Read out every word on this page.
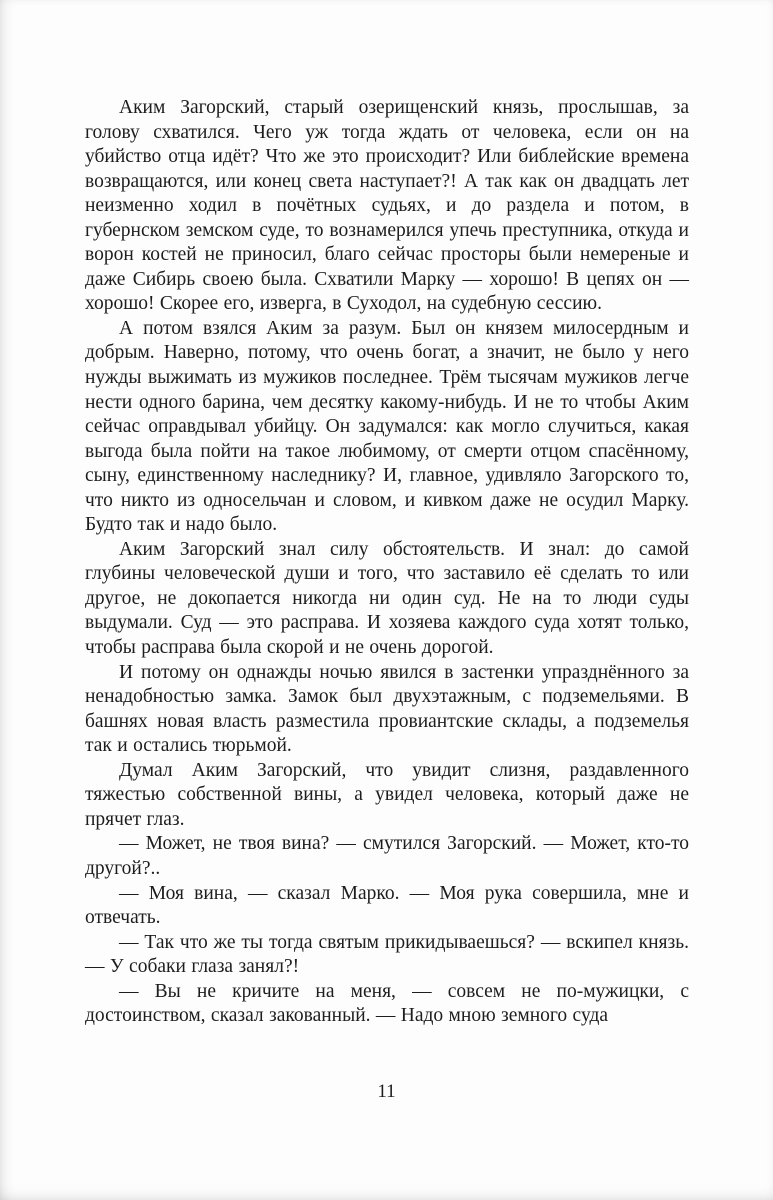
Аким Загорский, старый озерищенский князь, прослышав, за голову схватился. Чего уж тогда ждать от человека, если он на убийство отца идёт? Что же это происходит? Или библейские времена возвращаются, или конец света наступает?! А так как он двадцать лет неизменно ходил в почётных судьях, и до раздела и потом, в губернском земском суде, то вознамерился упечь преступника, откуда и ворон костей не приносил, благо сейчас просторы были немереные и даже Сибирь своею была. Схватили Марку — хорошо! В цепях он — хорошо! Скорее его, изверга, в Суходол, на судебную сессию.

А потом взялся Аким за разум. Был он князем милосердным и добрым. Наверно, потому, что очень богат, а значит, не было у него нужды выжимать из мужиков последнее. Трём тысячам мужиков легче нести одного барина, чем десятку какому-нибудь. И не то чтобы Аким сейчас оправдывал убийцу. Он задумался: как могло случиться, какая выгода была пойти на такое любимому, от смерти отцом спасённому, сыну, единственному наследнику? И, главное, удивляло Загорского то, что никто из односельчан и словом, и кивком даже не осудил Марку. Будто так и надо было.

Аким Загорский знал силу обстоятельств. И знал: до самой глубины человеческой души и того, что заставило её сделать то или другое, не докопается никогда ни один суд. Не на то люди суды выдумали. Суд — это расправа. И хозяева каждого суда хотят только, чтобы расправа была скорой и не очень дорогой.

И потому он однажды ночью явился в застенки упразднённого за ненадобностью замка. Замок был двухэтажным, с подземельями. В башнях новая власть разместила провиантские склады, а подземелья так и остались тюрьмой.

Думал Аким Загорский, что увидит слизня, раздавленного тяжестью собственной вины, а увидел человека, который даже не прячет глаз.

— Может, не твоя вина? — смутился Загорский. — Может, кто-то другой?..

— Моя вина, — сказал Марко. — Моя рука совершила, мне и отвечать.

— Так что же ты тогда святым прикидываешься? — вскипел князь. — У собаки глаза занял?!

— Вы не кричите на меня, — совсем не по-мужицки, с достоинством, сказал закованный. — Надо мною земного суда

11
